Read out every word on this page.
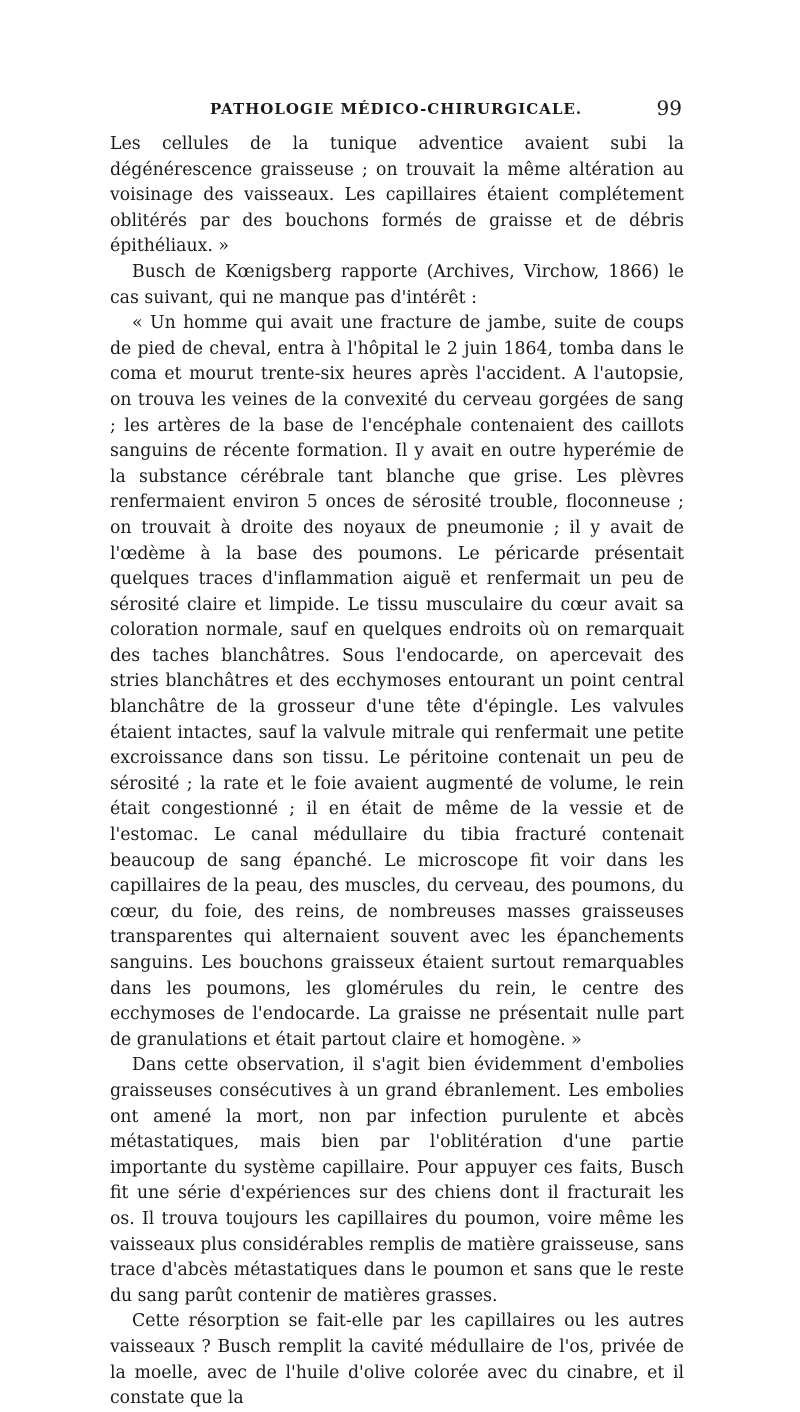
PATHOLOGIE MÉDICO-CHIRURGICALE.	99

Les cellules de la tunique adventice avaient subi la dégénérescence graisseuse ; on trouvait la même altération au voisinage des vaisseaux. Les capillaires étaient complétement oblitérés par des bouchons formés de graisse et de débris épithéliaux. »

Busch de Kœnigsberg rapporte (Archives, Virchow, 1866) le cas suivant, qui ne manque pas d'intérêt :

« Un homme qui avait une fracture de jambe, suite de coups de pied de cheval, entra à l'hôpital le 2 juin 1864, tomba dans le coma et mourut trente-six heures après l'accident. A l'autopsie, on trouva les veines de la convexité du cerveau gorgées de sang ; les artères de la base de l'encéphale contenaient des caillots sanguins de récente formation. Il y avait en outre hyperémie de la substance cérébrale tant blanche que grise. Les plèvres renfermaient environ 5 onces de sérosité trouble, floconneuse ; on trouvait à droite des noyaux de pneumonie ; il y avait de l'œdème à la base des poumons. Le péricarde présentait quelques traces d'inflammation aiguë et renfermait un peu de sérosité claire et limpide. Le tissu musculaire du cœur avait sa coloration normale, sauf en quelques endroits où on remarquait des taches blanchâtres. Sous l'endocarde, on apercevait des stries blanchâtres et des ecchymoses entourant un point central blanchâtre de la grosseur d'une tête d'épingle. Les valvules étaient intactes, sauf la valvule mitrale qui renfermait une petite excroissance dans son tissu. Le péritoine contenait un peu de sérosité ; la rate et le foie avaient augmenté de volume, le rein était congestionné ; il en était de même de la vessie et de l'estomac. Le canal médullaire du tibia fracturé contenait beaucoup de sang épanché. Le microscope fit voir dans les capillaires de la peau, des muscles, du cerveau, des poumons, du cœur, du foie, des reins, de nombreuses masses graisseuses transparentes qui alternaient souvent avec les épanchements sanguins. Les bouchons graisseux étaient surtout remarquables dans les poumons, les glomérules du rein, le centre des ecchymoses de l'endocarde. La graisse ne présentait nulle part de granulations et était partout claire et homogène. »

Dans cette observation, il s'agit bien évidemment d'embolies graisseuses consécutives à un grand ébranlement. Les embolies ont amené la mort, non par infection purulente et abcès métastatiques, mais bien par l'oblitération d'une partie importante du système capillaire. Pour appuyer ces faits, Busch fit une série d'expériences sur des chiens dont il fracturait les os. Il trouva toujours les capillaires du poumon, voire même les vaisseaux plus considérables remplis de matière graisseuse, sans trace d'abcès métastatiques dans le poumon et sans que le reste du sang parût contenir de matières grasses.

Cette résorption se fait-elle par les capillaires ou les autres vaisseaux ? Busch remplit la cavité médullaire de l'os, privée de la moelle, avec de l'huile d'olive colorée avec du cinabre, et il constate que la
